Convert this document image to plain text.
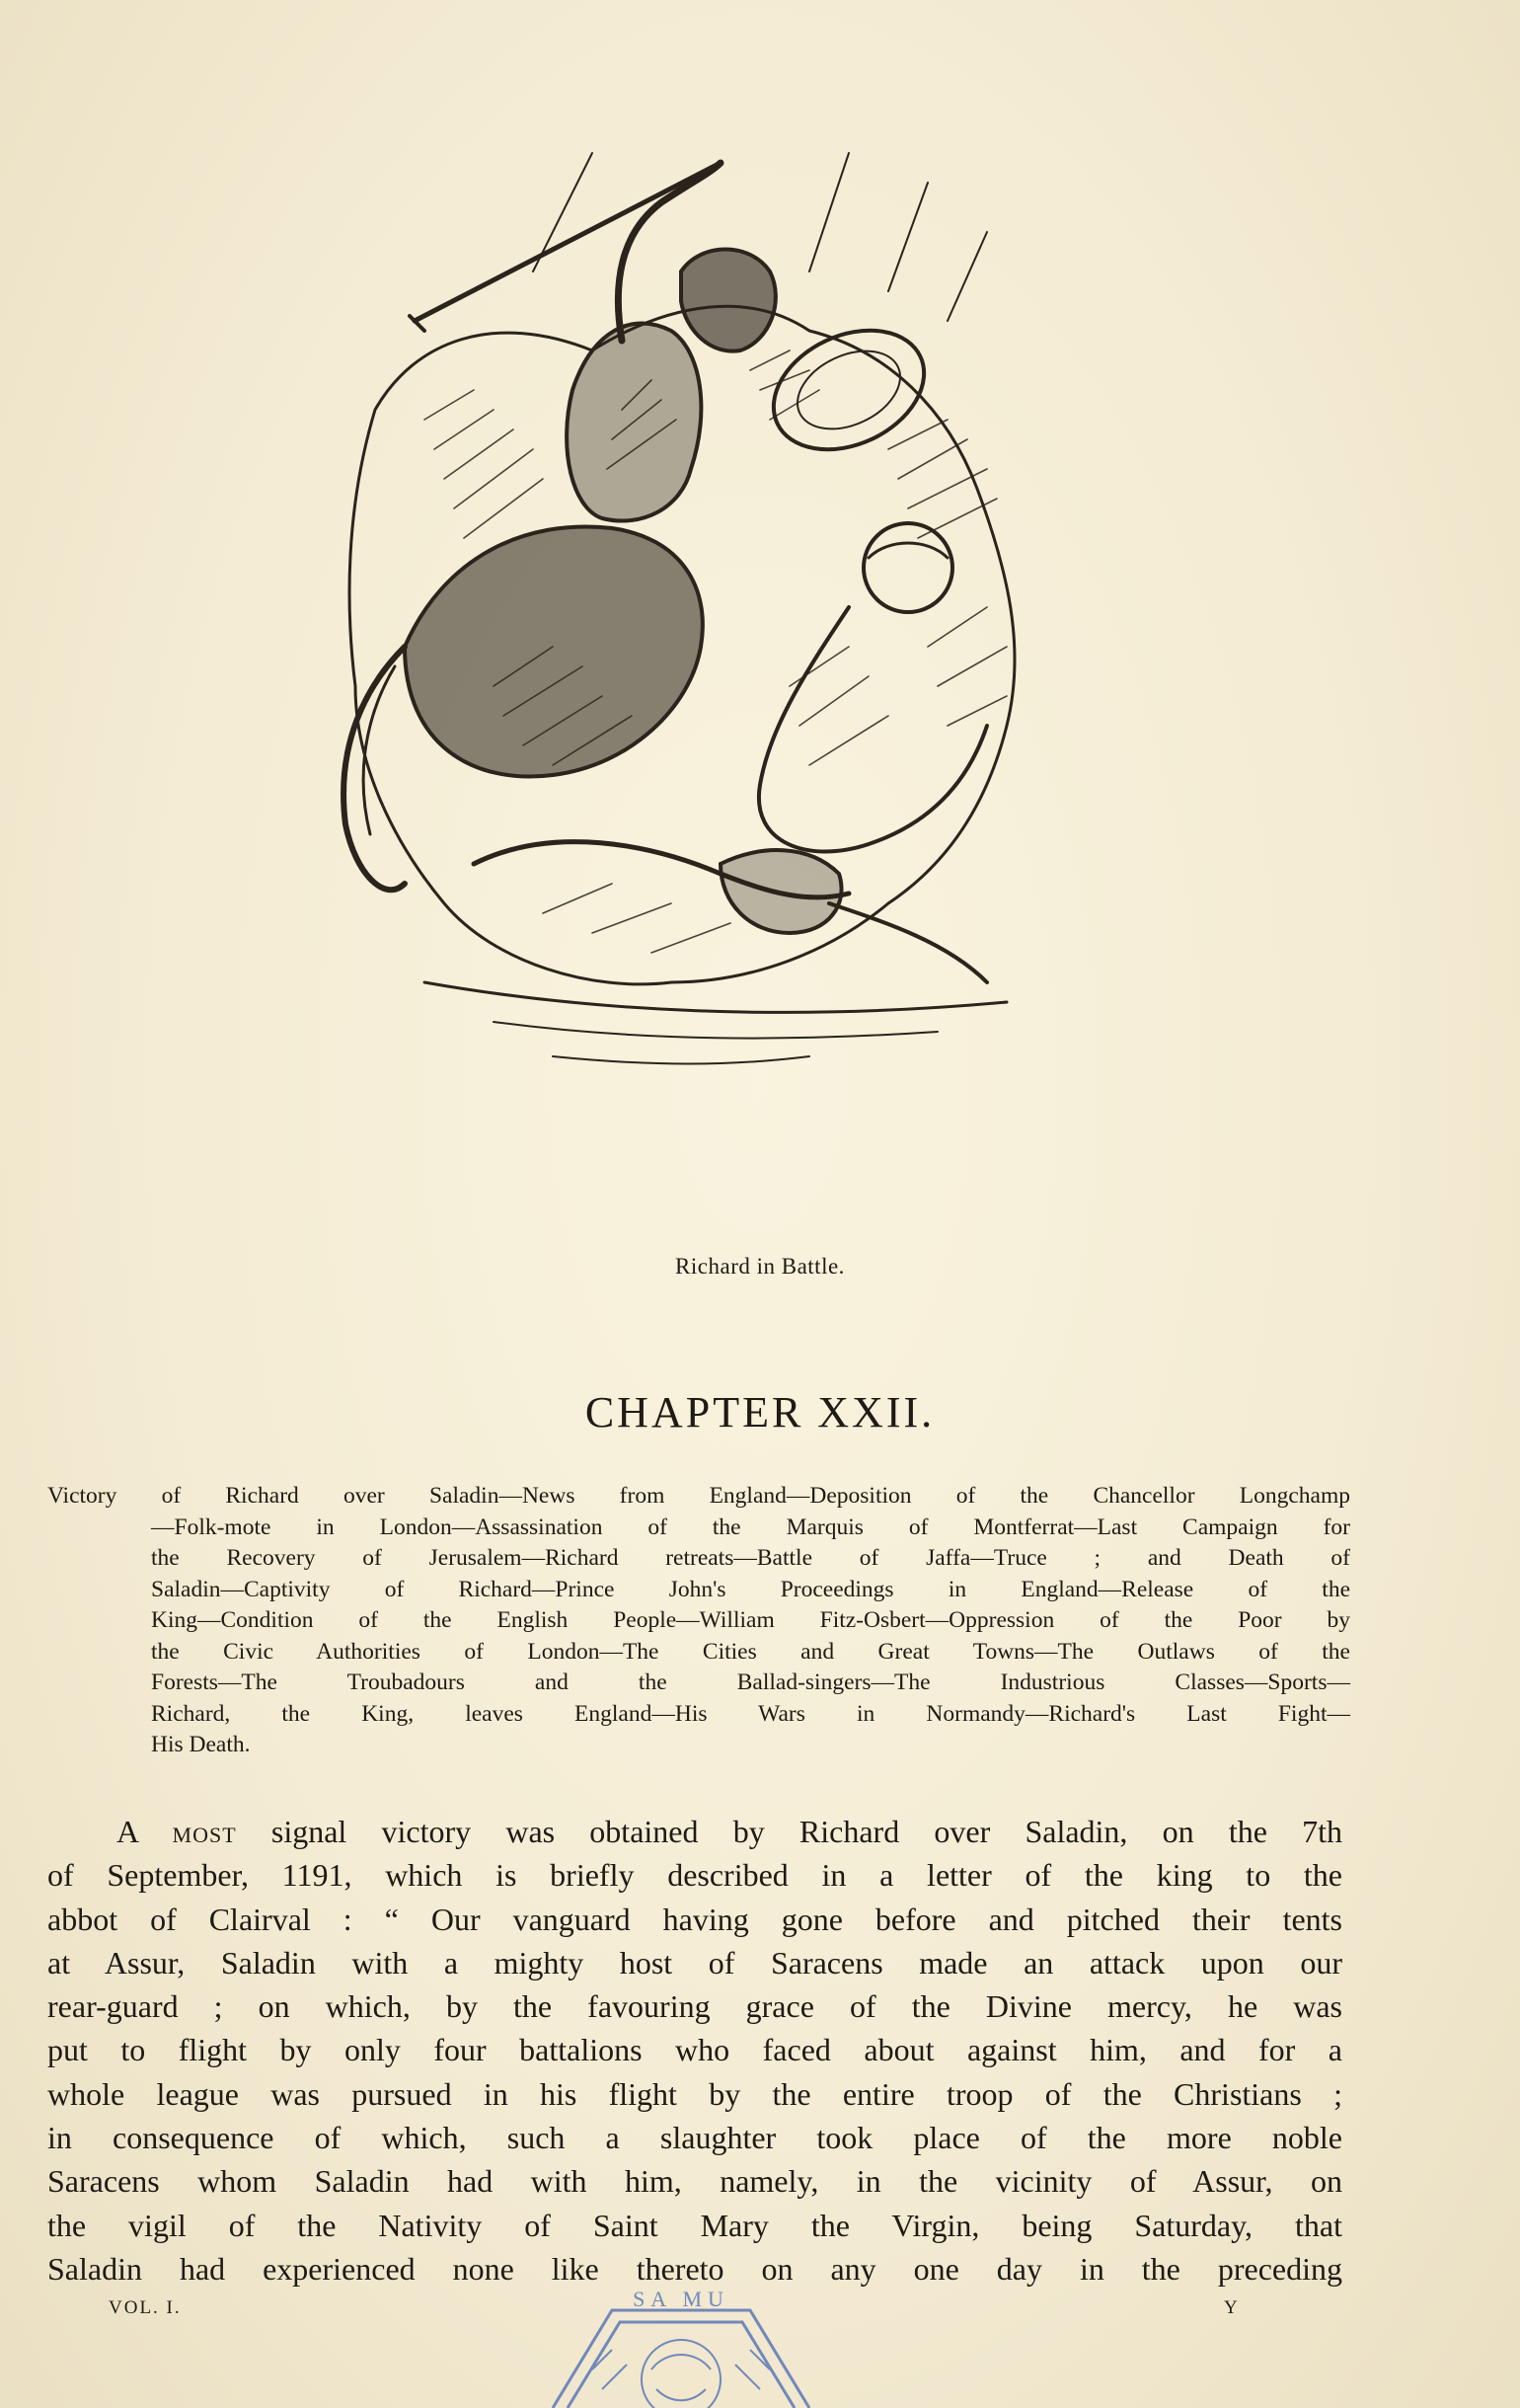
Richard in Battle.
CHAPTER XXII.
Victory of Richard over Saladin—News from England—Deposition of the Chancellor Longchamp
—Folk-mote in London—Assassination of the Marquis of Montferrat—Last Campaign for
the Recovery of Jerusalem—Richard retreats—Battle of Jaffa—Truce ; and Death of
Saladin—Captivity of Richard—Prince John's Proceedings in England—Release of the
King—Condition of the English People—William Fitz-Osbert—Oppression of the Poor by
the Civic Authorities of London—The Cities and Great Towns—The Outlaws of the
Forests—The Troubadours and the Ballad-singers—The Industrious Classes—Sports—
Richard, the King, leaves England—His Wars in Normandy—Richard's Last Fight—
His Death.
A most signal victory was obtained by Richard over Saladin, on the 7th
of September, 1191, which is briefly described in a letter of the king to the
abbot of Clairval : “ Our vanguard having gone before and pitched their tents
at Assur, Saladin with a mighty host of Saracens made an attack upon our
rear-guard ; on which, by the favouring grace of the Divine mercy, he was
put to flight by only four battalions who faced about against him, and for a
whole league was pursued in his flight by the entire troop of the Christians ;
in consequence of which, such a slaughter took place of the more noble
Saracens whom Saladin had with him, namely, in the vicinity of Assur, on
the vigil of the Nativity of Saint Mary the Virgin, being Saturday, that
Saladin had experienced none like thereto on any one day in the preceding
VOL. I.	Y
SA MU
